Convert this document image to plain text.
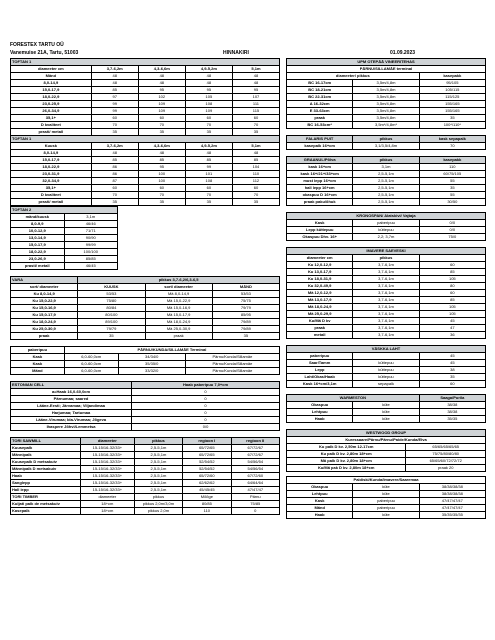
FORESTEX TARTU OÜ
Vanemuise 21A, Tartu, 51003	HINNAKIRI	01.09.2023
TOFTAN 1				
diameeter cm	3,7-6,2m	4,3-6,6m	4,9-5,2m	5,1m
Mänd	48	48	48	48
8,0-14,9	48	48	48	48
15,0-17,9	85	95	95	95
18,0-22,9	97	102	105	107
23,0-25,9	99	109	108	111
26,0-34,9	99	109	109	115
35,1+	60	60	60	60
D kvaliteet	70	70	70	70
prasti/ metall	35	35	35	35
TOFTAN 1				
Kuusk	3,7-6,2m	4,3-6,6m	4,9-5,2m	5,1m
8,0-14,9	48	48	48	48
15,0-17,9	85	85	85	85
18,0-22,9	86	95	99	104
23,0-31,9	86	100	101	110
32,0-34,9	87	100	108	112
35,1+	60	60	60	60
D kvaliteet	70	70	70	70
prasti/ metall	35	35	35	35
TOFTAN 2	
mänd/kuusk	3,1m
8,0-9,9	46/46
10,0-12,9	71/71
13,0-14,9	90/90
15,0-17,9	99/99
18,0-22,9	100/100
23,0-26,9	85/85
prasti/ metall	46/45
VARA	pikkus 3,7-6,2/6,3-6,5		
sort/ diameeter	KUUSK	sort/ diameeter	MÄND
Ku 8,0-14,9	53/53	Mä 8,0-14,9	53/53
Ku 15,0-22,9	75/80	Mä 15,0-22,9	75/75
Ku 15,0-16,9	80/84	Mä 15,0-16,9	79/79
Ku 15,0-17,9	80/100	Mä 15,0-17,9	85/95
Ku 18,0-24,9	89/100	Mä 18,0-24,9	79/89
Ku 25,0-30,9	79/79	Mä 25,0-30,9	79/89
praak	35	praak	35
paberipuu	PÄRNU/KUNDA/SILLAMÄE Terminal		
Kask	6,0-60,0cm	34/34/0	Pärnu/Kunda/Sillamäe
Kask	6,0-60,0cm	35/35/0	Pärnu/Kunda/Sillamäe
Mänd	6,0-60,0cm	33/32/0	Pärnu/Kunda/Sillamäe
ESTONIAN CELL	Haab paberipuu 7,0+cm
a=Haab 16,0-60,0cm	0
Pärnumaa; saared	0
Lääne-Eesti; Järvamaa; Viljandimaa	0
Harjumaa; Tartumaa	0
Lääne-Virumaa; Ida-Virumaa; Jõgeva	0
Ihaspere Jõhvi/Lemmetsa	0/0
TORI SAWMILL	diameeter	pikkus	regioon I	regioon II
Kuusepalk	15-15/16-32/33+	2,5-5,1m	65/72/65	67/72/67
Männipalk	15-15/16-32/33+	2,5-5,1m	65/72/65	67/72/67
Kuusepalk D metsakuiv	15-15/16-32/33+	2,5-5,1m	52/54/52	54/56/54
Männipalk D metsakuiv	15-15/16-32/33+	2,5-5,1m	52/54/52	54/56/54
Haab	15-15/16-32/33+	2,5-5,1m	65/72/60	67/72/60
Sanglepp	15-15/16-32/33+	2,5-5,1m	62/62/62	64/64/64
Hall lepp	15-15/16-32/33+	2,5-5,1m	45/45/45	47/47/47
TORI TIMBER	diameeter	pikkus	Mõõge	Pärnu
Kuljati palk de metsakuiv	18+cm	pikkus 2,0m/3,0m	80/85	75/85
Kasepalk	18+cm	pikkus 2,0m	110	0
UPM OTEPÄÄ VINEERITEHAS		
PÄRNU/SILLAMÄE terminal		
diameeter/ pikkus		kasepakk
BC 16-17cm	3,5m/4,8m	95/105
BC 18-21cm	3,5m/4,8m	105/115
BC 22-31cm	3,5m/4,8m	115/125
A 16-32cm	3,5m/4,8m	155/165
E 33-63cm	3,5m/4,8m	155/165
praak	3,5m/4,8m	35
BC 16-53cm*	3,5m*/4,8m*	100*/110*
FALARIS PUIT	pikkus	kask sepapalk
kasepalk 16+cm	3,1/3,5/4,8m	70
GRAANUL/Põlva	pikkus	kasepakk
kask 16+cm	3,1m	110
kask 16+/21+/33+cm	2,5-5,1m	60/75/105
must lepp 16+cm	2,5-5,1m	55
hall lepp 16+cm	2,5-5,1m	35
okaspuu D 16+cm	2,5-5,1m	55
praak paku/õhuk	2,5-5,1m	30/50
KRONOSPAN/ Alatskivi/ Vajtaja		
Kask	paberipuu	0/0
Lepp küttepuu	küttepuu	0/0
Okaspuu Dhv. 16+	2,2; 3,7m	75/0
IMAVERE SAEVESKI		
diameeter cm	pikkus	
Ku 12,0-12,9	3,7-6,1m	60
Ku 13,0-17,9	3,7-6,1m	85
Ku 18,0-31,9	3,7-6,1m	105
Ku 32,0-49,9	3,7-6,1m	80
Mä 12,0-12,9	3,7-6,1m	60
Mä 13,0-17,9	3,7-6,1m	85
Mä 18,0-24,9	3,7-6,1m	105
Mä 25,0-29,9	3,7-6,1m	105
Ku/Mä D kv	3,7-6,1m	45
praak	3,7-6,1m	47
metall	3,7-6,1m	36
VÄSKKA LAHT		
paberipuu		45
Saar/Tamm	küttepuu	45
Lepp	küttepuu	38
Laht/Okas/Haab	küttepuu	35
Kask 16+cm/3,1m	sepapalk	60
WARMESTON		Saaga/Purila
Okaspuu	küte	38/38
Lehtpuu	küte	38/38
Haab	küte	35/35
WESTWOOD GROUP	
Kuressaare/Pärnu/Pärnu/Paide/Kunda/Elva	
Ku palk D kv. 2,50m 12-17cm	65/65/65/65/65
Ku palk D kv. 2,80m 18+cm	75/75/80/80/80
Mä palk D kv. 2,80m 18+cm	65/65/60/72/72/72
Ku/Mä pak D kv. 2,80m 18+cm	praak 20
Paldiski/Kunda/Imavere/Saaremaa		
Okaspuu	küte	38/38/38/38
Lehtpuu	küte	38/38/38/38
Kask	paberipuu	47/47/47/47
Mänd	paberipuu	47/47/47/47
Haab	küte	35/35/35/35
